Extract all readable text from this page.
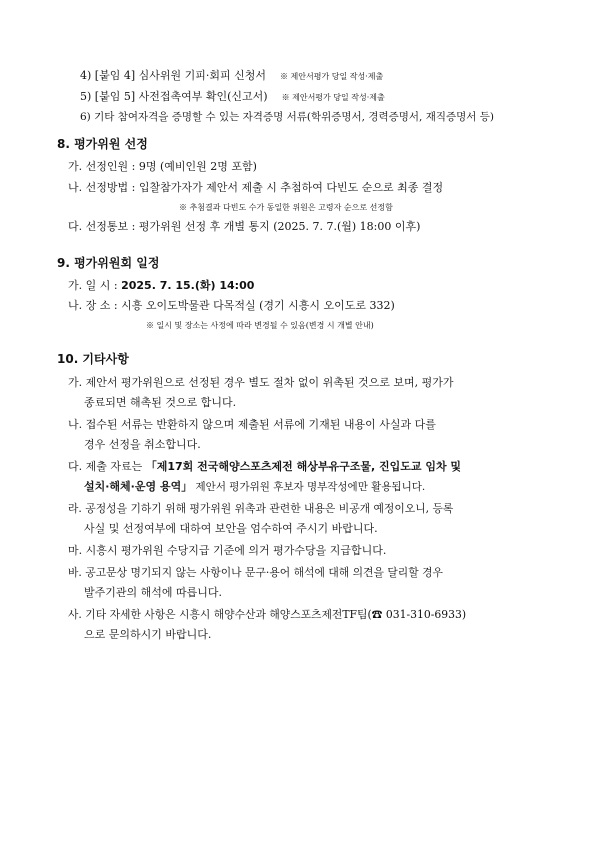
4) [붙임 4] 심사위원 기피·회피 신청서 ※ 제안서평가 당일 작성·제출
5) [붙임 5] 사전접촉여부 확인(신고서) ※ 제안서평가 당일 작성·제출
6) 기타 참여자격을 증명할 수 있는 자격증명 서류(학위증명서, 경력증명서, 재직증명서 등)
8. 평가위원 선정
가. 선정인원 : 9명 (예비인원 2명 포함)
나. 선정방법 : 입찰참가자가 제안서 제출 시 추첨하여 다빈도 순으로 최종 결정
※ 추첨결과 다빈도 수가 동일한 위원은 고령자 순으로 선정함
다. 선정통보 : 평가위원 선정 후 개별 통지 (2025. 7. 7.(월) 18:00 이후)
9. 평가위원회 일정
가. 일 시 : 2025. 7. 15.(화) 14:00
나. 장 소 : 시흥 오이도박물관 다목적실 (경기 시흥시 오이도로 332)
※ 일시 및 장소는 사정에 따라 변경될 수 있음(변경 시 개별 안내)
10. 기타사항
가. 제안서 평가위원으로 선정된 경우 별도 절차 없이 위촉된 것으로 보며, 평가가
종료되면 해촉된 것으로 합니다.
나. 접수된 서류는 반환하지 않으며 제출된 서류에 기재된 내용이 사실과 다를
경우 선정을 취소합니다.
다. 제출 자료는 「제17회 전국해양스포츠제전 해상부유구조물, 진입도교 임차 및
설치·해체·운영 용역」 제안서 평가위원 후보자 명부작성에만 활용됩니다.
라. 공정성을 기하기 위해 평가위원 위촉과 관련한 내용은 비공개 예정이오니, 등록
사실 및 선정여부에 대하여 보안을 엄수하여 주시기 바랍니다.
마. 시흥시 평가위원 수당지급 기준에 의거 평가수당을 지급합니다.
바. 공고문상 명기되지 않는 사항이나 문구·용어 해석에 대해 의견을 달리할 경우
발주기관의 해석에 따릅니다.
사. 기타 자세한 사항은 시흥시 해양수산과 해양스포츠제전TF팀(☎ 031-310-6933)
으로 문의하시기 바랍니다.
